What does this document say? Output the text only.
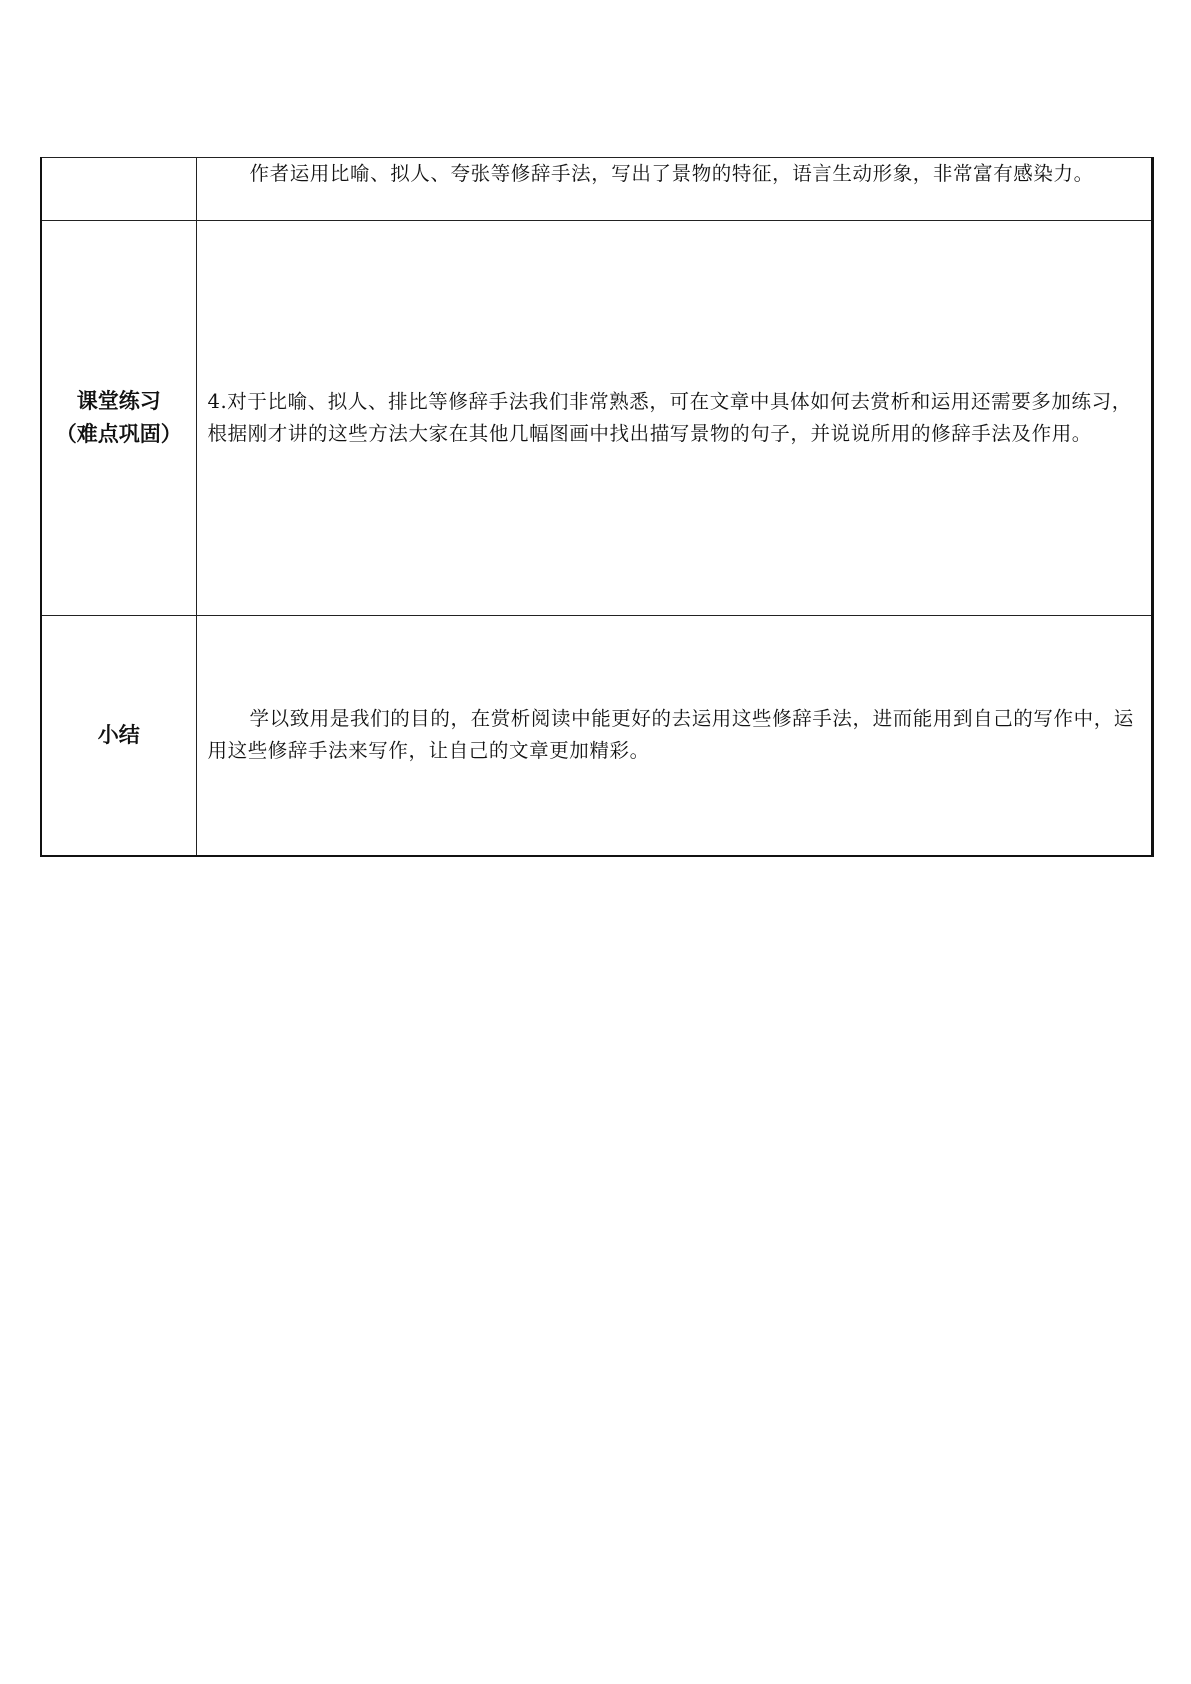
	作者运用比喻、拟人、夸张等修辞手法，写出了景物的特征，语言生动形象，非常富有感染力。

课堂练习
（难点巩固）	4.对于比喻、拟人、排比等修辞手法我们非常熟悉，可在文章中具体如何去赏析和运用还需要多加练习，根据刚才讲的这些方法大家在其他几幅图画中找出描写景物的句子，并说说所用的修辞手法及作用。

小结	学以致用是我们的目的，在赏析阅读中能更好的去运用这些修辞手法，进而能用到自己的写作中，运用这些修辞手法来写作，让自己的文章更加精彩。
